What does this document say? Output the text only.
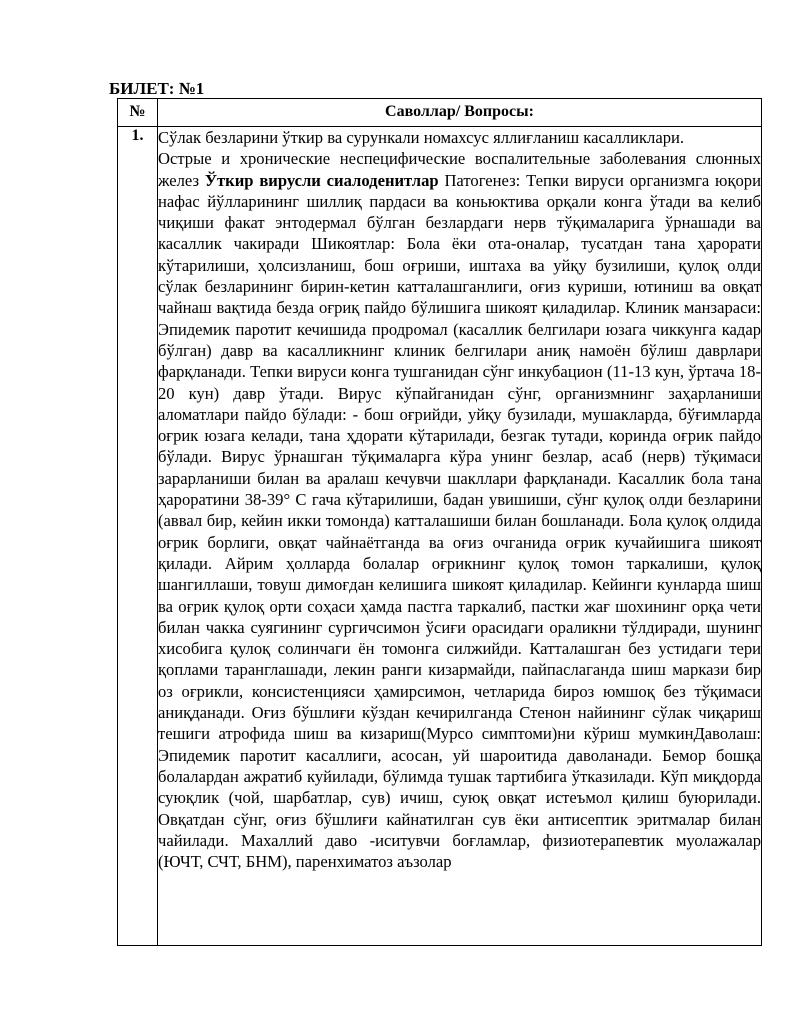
БИЛЕТ: №1
№	Саволлар/ Вопросы:
1.	Сўлак безларини ўткир ва сурункали номахсус яллиғланиш касалликлари.
Острые и хронические неспецифические воспалительные заболевания слюнных желез Ўткир вирусли сиалоденитлар Патогенез: Тепки вируси организмга юқори нафас йўлларининг шиллиқ пардаси ва коньюктива орқали конга ўтади ва келиб чиқиши факат энтодермал бўлган безлардаги нерв тўқималарига ўрнашади ва касаллик чакиради Шикоятлар: Бола ёки ота-оналар, тусатдан тана ҳарорати кўтарилиши, ҳолсизланиш, бош оғриши, иштаха ва уйқу бузилиши, қулоқ олди сўлак безларининг бирин-кетин катталашганлиги, оғиз куриши, ютиниш ва овқат чайнаш вақтида безда оғриқ пайдо бўлишига шикоят қиладилар. Клиник манзараси: Эпидемик паротит кечишида продромал (касаллик белгилари юзага чиккунга кадар бўлган) давр ва касалликнинг клиник белгилари аниқ намоён бўлиш даврлари фарқланади. Тепки вируси конга тушганидан сўнг инкубацион (11-13 кун, ўртача 18-20 кун) давр ўтади. Вирус кўпайганидан сўнг, организмнинг заҳарланиши аломатлари пайдо бўлади: - бош оғрийди, уйқу бузилади, мушакларда, бўғимларда оғрик юзага келади, тана ҳдорати кўтарилади, безгак тутади, коринда оғрик пайдо бўлади. Вирус ўрнашган тўқималарга кўра унинг безлар, асаб (нерв) тўқимаси зарарланиши билан ва аралаш кечувчи шакллари фарқланади. Касаллик бола тана ҳароратини 38-39° С гача кўтарилиши, бадан увишиши, сўнг қулоқ олди безларини (аввал бир, кейин икки томонда) катталашиши билан бошланади. Бола қулоқ олдида оғрик борлиги, овқат чайнаётганда ва оғиз очганида оғрик кучайишига шикоят қилади. Айрим ҳолларда болалар оғрикнинг қулоқ томон таркалиши, қулоқ шангиллаши, товуш димоғдан келишига шикоят қиладилар. Кейинги кунларда шиш ва оғрик қулоқ орти соҳаси ҳамда пастга таркалиб, пастки жағ шохининг орқа чети билан чакка суягининг сургичсимон ўсиғи орасидаги ораликни тўлдиради, шунинг хисобига қулоқ солинчаги ён томонга силжийди. Катталашган без устидаги тери қоплами таранглашади, лекин ранги кизармайди, пайпаслаганда шиш маркази бир оз оғрикли, консистенцияси ҳамирсимон, четларида бироз юмшоқ без тўқимаси аниқданади. Оғиз бўшлиғи кўздан кечирилганда Стенон найининг сўлак чиқариш тешиги атрофида шиш ва кизариш(Мурсо симптоми)ни кўриш мумкинДаволаш: Эпидемик паротит касаллиги, асосан, уй шароитида даволанади. Бемор бошқа болалардан ажратиб куйилади, бўлимда тушак тартибига ўтказилади. Кўп миқдорда суюқлик (чой, шарбатлар, сув) ичиш, суюқ овқат истеъмол қилиш буюрилади. Овқатдан сўнг, оғиз бўшлиғи кайнатилган сув ёки антисептик эритмалар билан чайилади. Махаллий даво -иситувчи боғламлар, физиотерапевтик муолажалар (ЮЧТ, СЧТ, БНМ), паренхиматоз аъзолар
